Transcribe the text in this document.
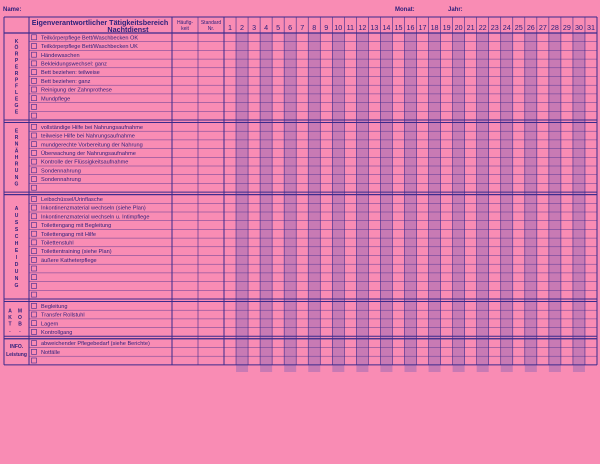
Name:	Monat:	Jahr:
Eigenverantwortlicher Tätigkeitsbereich
Nachtdienst
Häufig-
keit
Standard
Nr. 1 2 3 4 5 6 7 8 9 10 11 12 13 14 15 16 17 18 19 20 21 22 23 24 25 26 27 28 29 30 31
Teilkörperpflege Bett/Waschbecken OK
Teilkörperpflege Bett/Waschbecken UK
Händewaschen
Bekleidungswechsel: ganz
Bett beziehen: teilweise
Bett beziehen: ganz
Reinigung der Zahnprothese
Mundpflege
K
Ö
R
P
E
R
P
F
L
E
G
E
vollständige Hilfe bei Nahrungsaufnahme
teilweise Hilfe bei Nahrungsaufnahme
mundgerechte Vorbereitung der Nahrung
Überwachung der Nahrungsaufnahme
Kontrolle der Flüssigkeitsaufnahme
Sondennahrung
Sondennahrung
E
R
N
Ä
H
R
U
N
G
Leibschüssel/Urinflasche
Inkontinenzmaterial wechseln (siehe Plan)
Inkontinenzmaterial wechseln u. Intimpflege
Toilettengang mit Begleitung
Toilettengang mit Hilfe
Toilettenstuhl
Toilettentraining (siehe Plan)
äußere Katheterpflege
A
U
S
S
C
H
E
I
D
U
N
G
Begleitung
Transfer Rollstuhl
Lagern
Kontrollgang
A
K
T
.
M
O
B
.
abweichender Pflegebedarf (siehe Berichte)
Notfälle
INFO.
Leistung
